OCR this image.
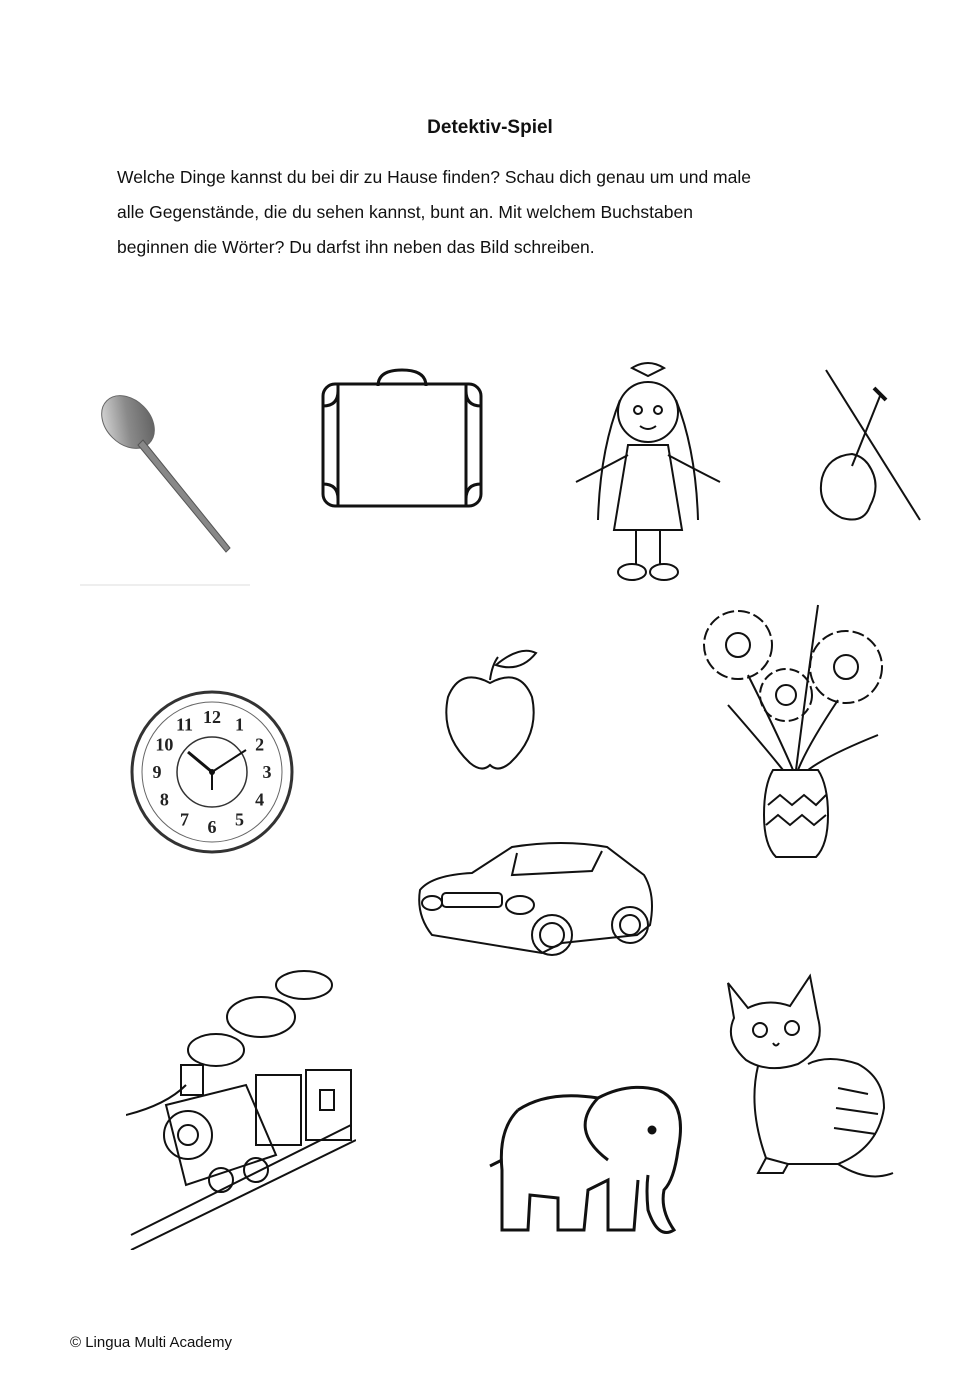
Detektiv-Spiel
Welche Dinge kannst du bei dir zu Hause finden? Schau dich genau um und male
alle Gegenstände, die du sehen kannst, bunt an. Mit welchem Buchstaben
beginnen die Wörter? Du darfst ihn neben das Bild schreiben.
12 1
2
3
4
5
6
7
8
9
10
11
© Lingua Multi Academy
